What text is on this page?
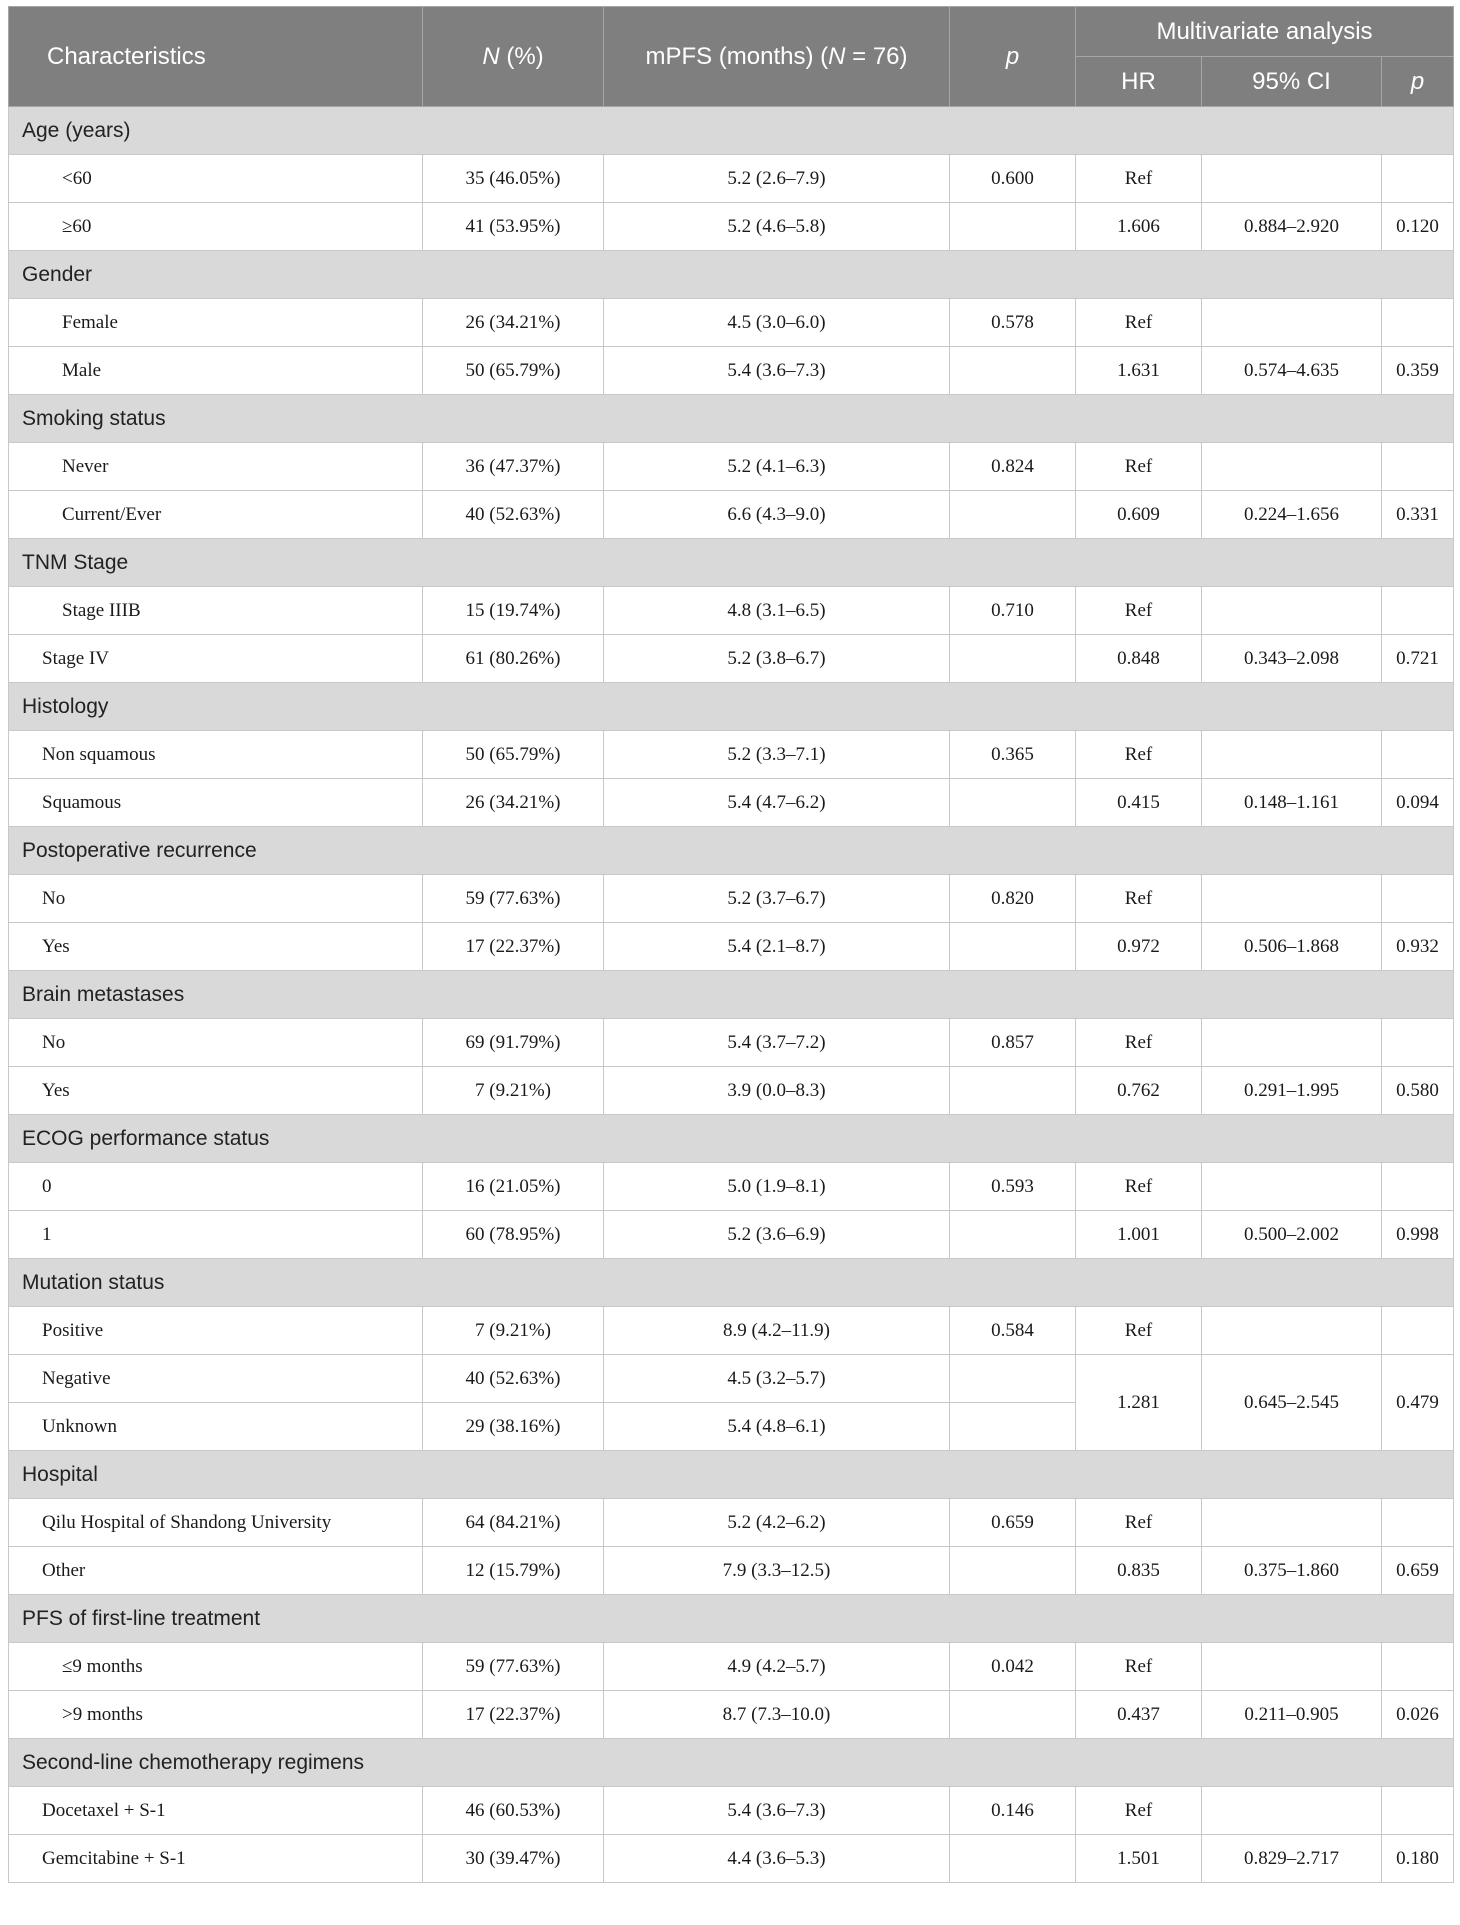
Characteristics	N (%)	mPFS (months) (N = 76)	p	Multivariate analysis		
				HR	95% CI	p
Age (years)						
<60	35 (46.05%)	5.2 (2.6–7.9)	0.600	Ref		
≥60	41 (53.95%)	5.2 (4.6–5.8)		1.606	0.884–2.920	0.120
Gender						
Female	26 (34.21%)	4.5 (3.0–6.0)	0.578	Ref		
Male	50 (65.79%)	5.4 (3.6–7.3)		1.631	0.574–4.635	0.359
Smoking status						
Never	36 (47.37%)	5.2 (4.1–6.3)	0.824	Ref		
Current/Ever	40 (52.63%)	6.6 (4.3–9.0)		0.609	0.224–1.656	0.331
TNM Stage						
Stage IIIB	15 (19.74%)	4.8 (3.1–6.5)	0.710	Ref		
Stage IV	61 (80.26%)	5.2 (3.8–6.7)		0.848	0.343–2.098	0.721
Histology						
Non squamous	50 (65.79%)	5.2 (3.3–7.1)	0.365	Ref		
Squamous	26 (34.21%)	5.4 (4.7–6.2)		0.415	0.148–1.161	0.094
Postoperative recurrence						
No	59 (77.63%)	5.2 (3.7–6.7)	0.820	Ref		
Yes	17 (22.37%)	5.4 (2.1–8.7)		0.972	0.506–1.868	0.932
Brain metastases						
No	69 (91.79%)	5.4 (3.7–7.2)	0.857	Ref		
Yes	7 (9.21%)	3.9 (0.0–8.3)		0.762	0.291–1.995	0.580
ECOG performance status						
0	16 (21.05%)	5.0 (1.9–8.1)	0.593	Ref		
1	60 (78.95%)	5.2 (3.6–6.9)		1.001	0.500–2.002	0.998
Mutation status						
Positive	7 (9.21%)	8.9 (4.2–11.9)	0.584	Ref		
Negative	40 (52.63%)	4.5 (3.2–5.7)		1.281	0.645–2.545	0.479
Unknown	29 (38.16%)	5.4 (4.8–6.1)				
Hospital						
Qilu Hospital of Shandong University	64 (84.21%)	5.2 (4.2–6.2)	0.659	Ref		
Other	12 (15.79%)	7.9 (3.3–12.5)		0.835	0.375–1.860	0.659
PFS of first-line treatment						
≤9 months	59 (77.63%)	4.9 (4.2–5.7)	0.042	Ref		
>9 months	17 (22.37%)	8.7 (7.3–10.0)		0.437	0.211–0.905	0.026
Second-line chemotherapy regimens						
Docetaxel + S-1	46 (60.53%)	5.4 (3.6–7.3)	0.146	Ref		
Gemcitabine + S-1	30 (39.47%)	4.4 (3.6–5.3)		1.501	0.829–2.717	0.180
